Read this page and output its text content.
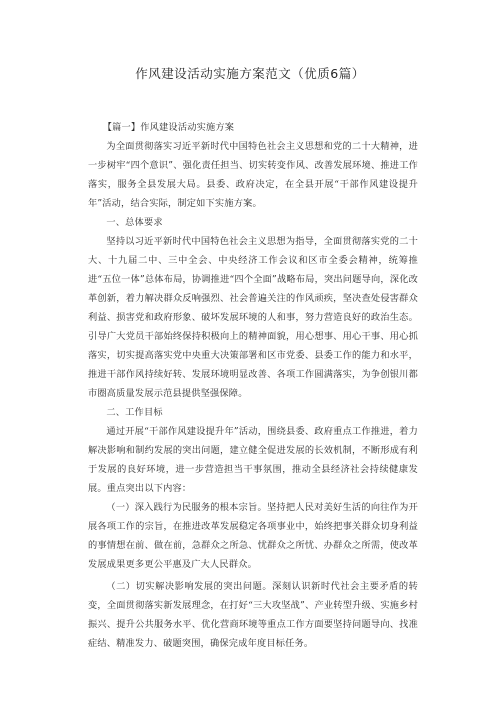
作风建设活动实施方案范文（优质6篇）

【篇一】作风建设活动实施方案

为全面贯彻落实习近平新时代中国特色社会主义思想和党的二十大精神，进一步树牢“四个意识”、强化责任担当、切实转变作风、改善发展环境、推进工作落实，服务全县发展大局。县委、政府决定，在全县开展“干部作风建设提升年”活动，结合实际，制定如下实施方案。

一、总体要求

坚持以习近平新时代中国特色社会主义思想为指导，全面贯彻落实党的二十大、十九届二中、三中全会、中央经济工作会议和区市全委会精神，统筹推进“五位一体”总体布局，协调推进“四个全面”战略布局，突出问题导向，深化改革创新，着力解决群众反响强烈、社会普遍关注的作风顽疾，坚决查处侵害群众利益、损害党和政府形象、破坏发展环境的人和事，努力营造良好的政治生态。引导广大党员干部始终保持积极向上的精神面貌，用心想事、用心干事、用心抓落实，切实提高落实党中央重大决策部署和区市党委、县委工作的能力和水平，推进干部作风持续好转、发展环境明显改善、各项工作圆满落实，为争创银川都市圈高质量发展示范县提供坚强保障。

二、工作目标

通过开展“干部作风建设提升年”活动，围绕县委、政府重点工作推进，着力解决影响和制约发展的突出问题，建立健全促进发展的长效机制，不断形成有利于发展的良好环境，进一步营造担当干事氛围，推动全县经济社会持续健康发展。重点突出以下内容：

（一）深入践行为民服务的根本宗旨。坚持把人民对美好生活的向往作为开展各项工作的宗旨，在推进改革发展稳定各项事业中，始终把事关群众切身利益的事情想在前、做在前，急群众之所急、忧群众之所忧、办群众之所需，使改革发展成果更多更公平惠及广大人民群众。

（二）切实解决影响发展的突出问题。深刻认识新时代社会主要矛盾的转变，全面贯彻落实新发展理念，在打好“三大攻坚战”、产业转型升级、实施乡村振兴、提升公共服务水平、优化营商环境等重点工作方面要坚持问题导向、找准症结、精准发力、破题突围，确保完成年度目标任务。
